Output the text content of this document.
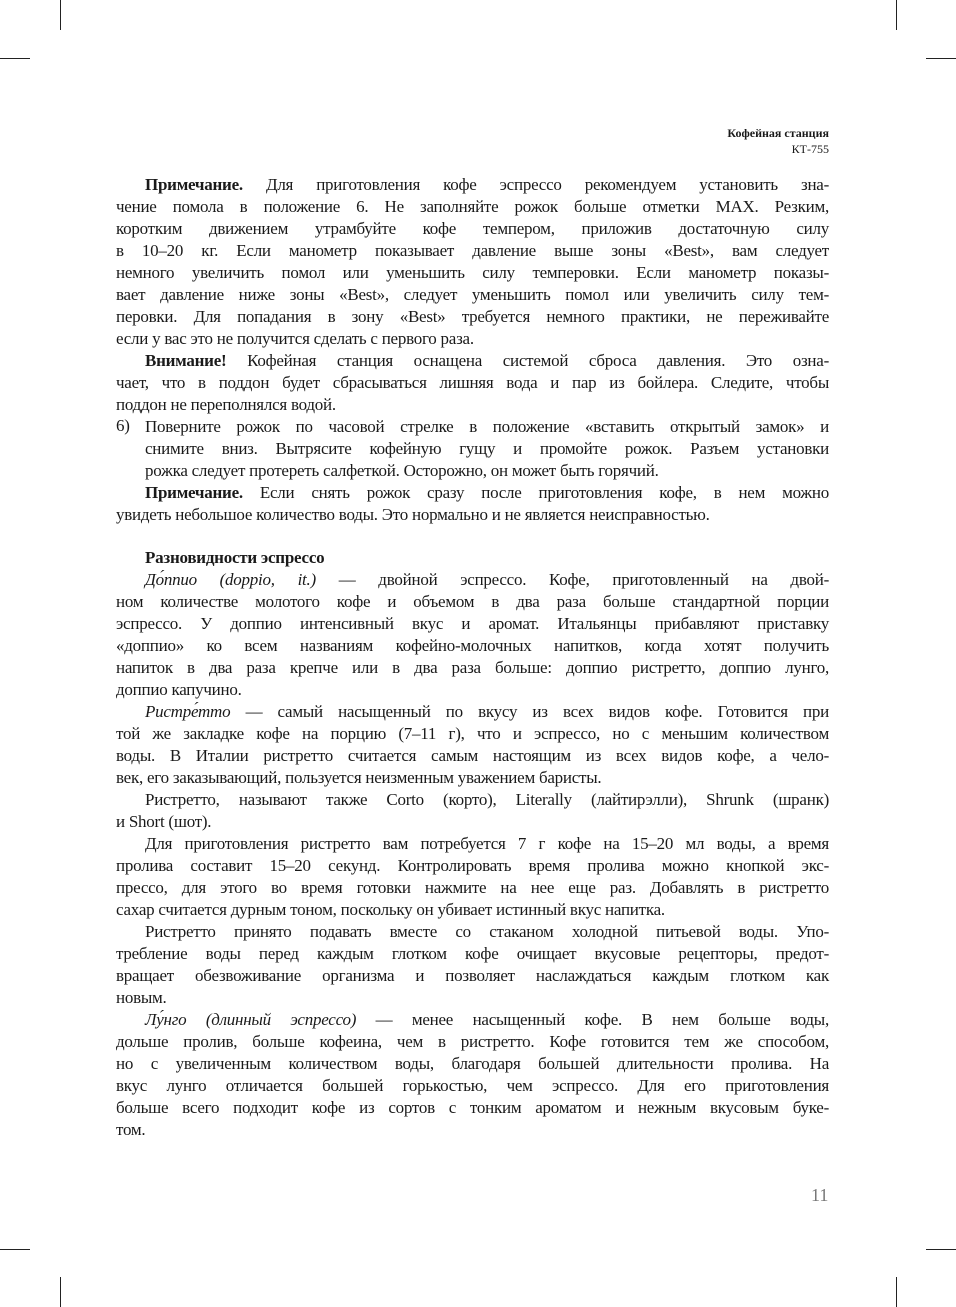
Кофейная станция
КТ-755
Примечание. Для приготовления кофе эспрессо рекомендуем установить зна-
чение помола в положение 6. Не заполняйте рожок больше отметки MAX. Резким,
коротким движением утрамбуйте кофе темпером, приложив достаточную силу
в 10–20 кг. Если манометр показывает давление выше зоны «Best», вам следует
немного увеличить помол или уменьшить силу темперовки. Если манометр показы-
вает давление ниже зоны «Best», следует уменьшить помол или увеличить силу тем-
перовки. Для попадания в зону «Best» требуется немного практики, не переживайте
если у вас это не получится сделать с первого раза.
Внимание! Кофейная станция оснащена системой сброса давления. Это озна-
чает, что в поддон будет сбрасываться лишняя вода и пар из бойлера. Следите, чтобы
поддон не переполнялся водой.
6) Поверните рожок по часовой стрелке в положение «вставить открытый замок» и
снимите вниз. Вытрясите кофейную гущу и промойте рожок. Разъем установки
рожка следует протереть салфеткой. Осторожно, он может быть горячий.
Примечание. Если снять рожок сразу после приготовления кофе, в нем можно
увидеть небольшое количество воды. Это нормально и не является неисправностью.
Разновидности эспрессо
До́ппио (doppio, it.) — двойной эспрессо. Кофе, приготовленный на двой-
ном количестве молотого кофе и объемом в два раза больше стандартной порции
эспрессо. У доппио интенсивный вкус и аромат. Итальянцы прибавляют приставку
«доппио» ко всем названиям кофейно-молочных напитков, когда хотят получить
напиток в два раза крепче или в два раза больше: доппио ристретто, доппио лунго,
доппио капучино.
Ристре́тто — самый насыщенный по вкусу из всех видов кофе. Готовится при
той же закладке кофе на порцию (7–11 г), что и эспрессо, но с меньшим количеством
воды. В Италии ристретто считается самым настоящим из всех видов кофе, а чело-
век, его заказывающий, пользуется неизменным уважением баристы.
Ристретто, называют также Corto (корто), Literally (лайтирэлли), Shrunk (шранк)
и Short (шот).
Для приготовления ристретто вам потребуется 7 г кофе на 15–20 мл воды, а время
пролива составит 15–20 секунд. Контролировать время пролива можно кнопкой экс-
прессо, для этого во время готовки нажмите на нее еще раз. Добавлять в ристретто
сахар считается дурным тоном, поскольку он убивает истинный вкус напитка.
Ристретто принято подавать вместе со стаканом холодной питьевой воды. Упо-
требление воды перед каждым глотком кофе очищает вкусовые рецепторы, предот-
вращает обезвоживание организма и позволяет наслаждаться каждым глотком как
новым.
Лу́нго (длинный эспрессо) — менее насыщенный кофе. В нем больше воды,
дольше пролив, больше кофеина, чем в ристретто. Кофе готовится тем же способом,
но с увеличенным количеством воды, благодаря большей длительности пролива. На
вкус лунго отличается большей горькостью, чем эспрессо. Для его приготовления
больше всего подходит кофе из сортов с тонким ароматом и нежным вкусовым буке-
том.
11
